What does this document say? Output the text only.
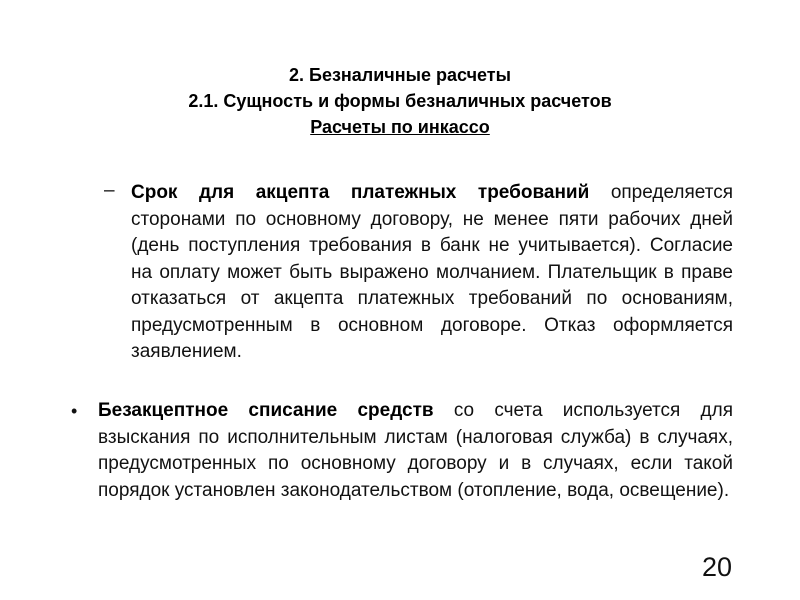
2. Безналичные расчеты
2.1. Сущность и формы безналичных расчетов
Расчеты по инкассо
– Срок для акцепта платежных требований определяется сторонами по основному договору, не менее пяти рабочих дней (день поступления требования в банк не учитывается). Согласие на оплату может быть выражено молчанием. Плательщик в праве отказаться от акцепта платежных требований по основаниям, предусмотренным в основном договоре. Отказ оформляется заявлением.
• Безакцептное списание средств со счета используется для взыскания по исполнительным листам (налоговая служба) в случаях, предусмотренных по основному договору и в случаях, если такой порядок установлен законодательством (отопление, вода, освещение).
20
